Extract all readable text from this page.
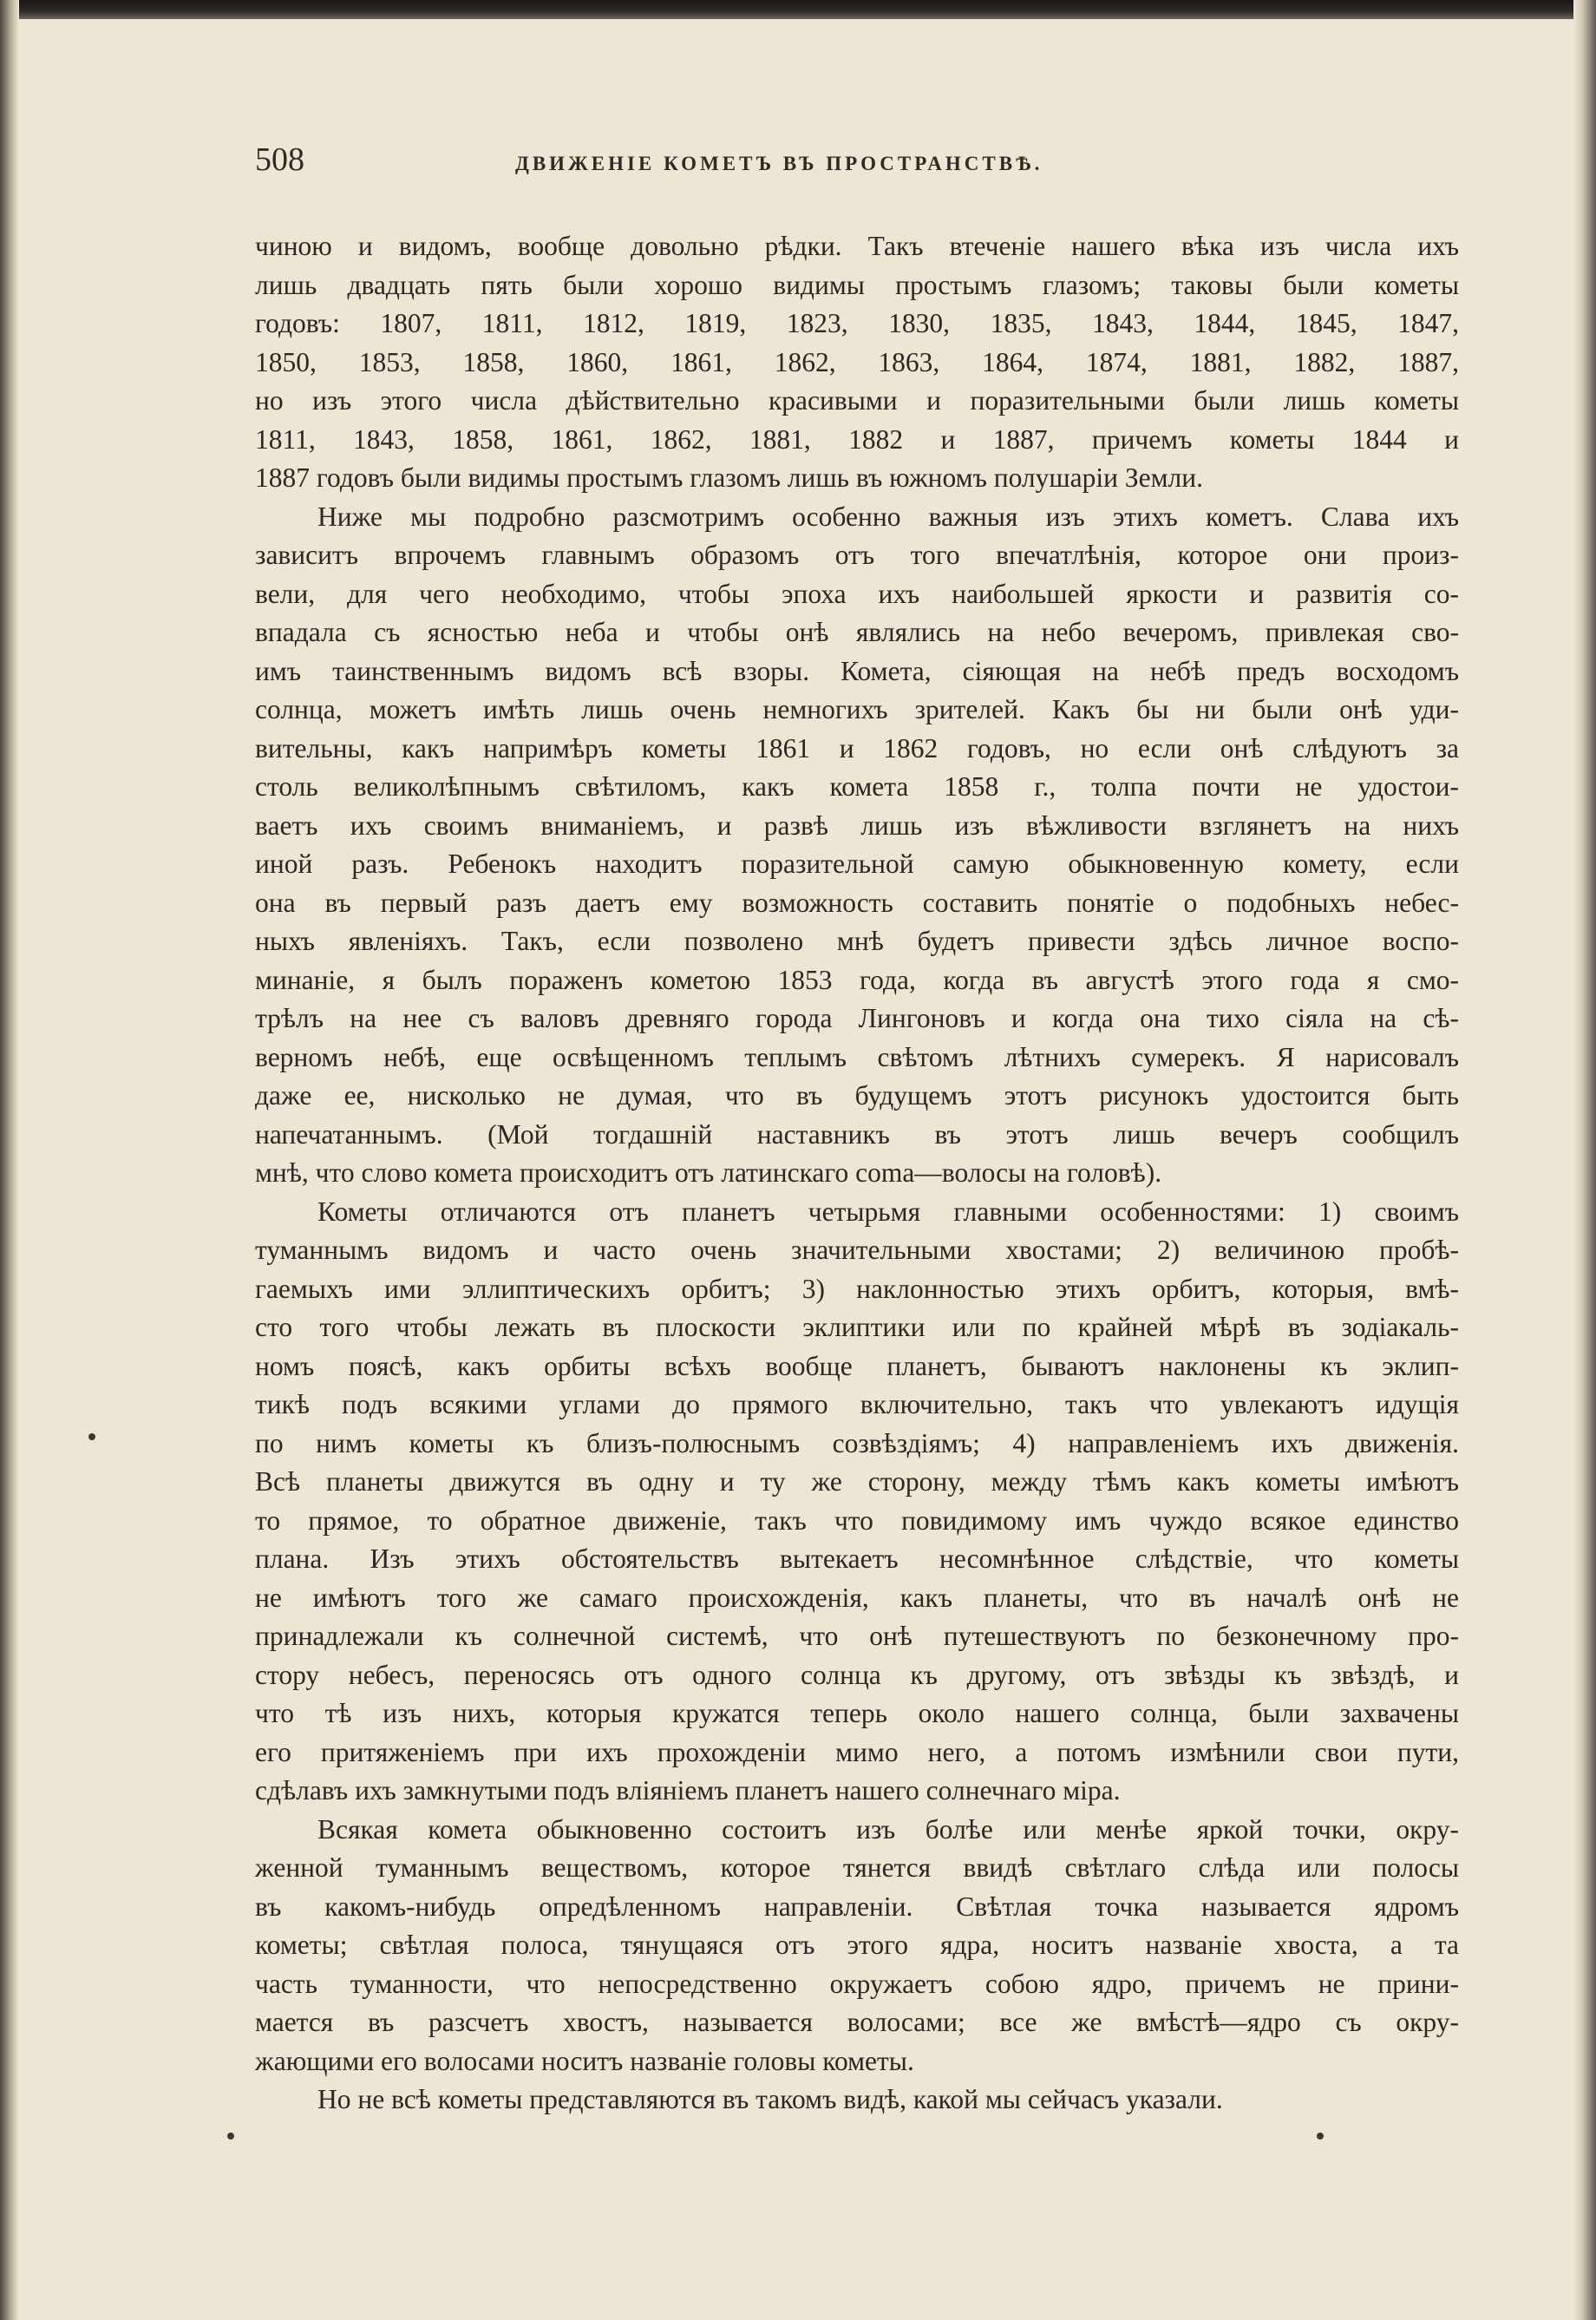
508	ДВИЖЕНІЕ КОМЕТЪ ВЪ ПРОСТРАНСТВѢ.

чиною и видомъ, вообще довольно рѣдки. Такъ втеченіе нашего вѣка изъ числа ихъ

лишь двадцать пять были хорошо видимы простымъ глазомъ; таковы были кометы

годовъ: 1807, 1811, 1812, 1819, 1823, 1830, 1835, 1843, 1844, 1845, 1847,

1850, 1853, 1858, 1860, 1861, 1862, 1863, 1864, 1874, 1881, 1882, 1887,

но изъ этого числа дѣйствительно красивыми и поразительными были лишь кометы

1811, 1843, 1858, 1861, 1862, 1881, 1882 и 1887, причемъ кометы 1844 и

1887 годовъ были видимы простымъ глазомъ лишь въ южномъ полушаріи Земли.

Ниже мы подробно разсмотримъ особенно важныя изъ этихъ кометъ. Слава ихъ

зависитъ впрочемъ главнымъ образомъ отъ того впечатлѣнія, которое они произ-

вели, для чего необходимо, чтобы эпоха ихъ наибольшей яркости и развитія со-

впадала съ ясностью неба и чтобы онѣ являлись на небо вечеромъ, привлекая сво-

имъ таинственнымъ видомъ всѣ взоры. Комета, сіяющая на небѣ предъ восходомъ

солнца, можетъ имѣть лишь очень немногихъ зрителей. Какъ бы ни были онѣ уди-

вительны, какъ напримѣръ кометы 1861 и 1862 годовъ, но если онѣ слѣдуютъ за

столь великолѣпнымъ свѣтиломъ, какъ комета 1858 г., толпа почти не удостои-

ваетъ ихъ своимъ вниманіемъ, и развѣ лишь изъ вѣжливости взглянетъ на нихъ

иной разъ. Ребенокъ находитъ поразительной самую обыкновенную комету, если

она въ первый разъ даетъ ему возможность составить понятіе о подобныхъ небес-

ныхъ явленіяхъ. Такъ, если позволено мнѣ будетъ привести здѣсь личное воспо-

минаніе, я былъ пораженъ кометою 1853 года, когда въ августѣ этого года я смо-

трѣлъ на нее съ валовъ древняго города Лингоновъ и когда она тихо сіяла на сѣ-

верномъ небѣ, еще освѣщенномъ теплымъ свѣтомъ лѣтнихъ сумерекъ. Я нарисовалъ

даже ее, нисколько не думая, что въ будущемъ этотъ рисунокъ удостоится быть

напечатаннымъ. (Мой тогдашній наставникъ въ этотъ лишь вечеръ сообщилъ

мнѣ, что слово комета происходитъ отъ латинскаго coma—волосы на головѣ).

Кометы отличаются отъ планетъ четырьмя главными особенностями: 1) своимъ

туманнымъ видомъ и часто очень значительными хвостами; 2) величиною пробѣ-

гаемыхъ ими эллиптическихъ орбитъ; 3) наклонностью этихъ орбитъ, которыя, вмѣ-

сто того чтобы лежать въ плоскости эклиптики или по крайней мѣрѣ въ зодіакаль-

номъ поясѣ, какъ орбиты всѣхъ вообще планетъ, бываютъ наклонены къ эклип-

тикѣ подъ всякими углами до прямого включительно, такъ что увлекаютъ идущія

по нимъ кометы къ близъ-полюснымъ созвѣздіямъ; 4) направленіемъ ихъ движенія.

Всѣ планеты движутся въ одну и ту же сторону, между тѣмъ какъ кометы имѣютъ

то прямое, то обратное движеніе, такъ что повидимому имъ чуждо всякое единство

плана. Изъ этихъ обстоятельствъ вытекаетъ несомнѣнное слѣдствіе, что кометы

не имѣютъ того же самаго происхожденія, какъ планеты, что въ началѣ онѣ не

принадлежали къ солнечной системѣ, что онѣ путешествуютъ по безконечному про-

стору небесъ, переносясь отъ одного солнца къ другому, отъ звѣзды къ звѣздѣ, и

что тѣ изъ нихъ, которыя кружатся теперь около нашего солнца, были захвачены

его притяженіемъ при ихъ прохожденіи мимо него, а потомъ измѣнили свои пути,

сдѣлавъ ихъ замкнутыми подъ вліяніемъ планетъ нашего солнечнаго міра.

Всякая комета обыкновенно состоитъ изъ болѣе или менѣе яркой точки, окру-

женной туманнымъ веществомъ, которое тянется ввидѣ свѣтлаго слѣда или полосы

въ какомъ-нибудь опредѣленномъ направленіи. Свѣтлая точка называется ядромъ

кометы; свѣтлая полоса, тянущаяся отъ этого ядра, носитъ названіе хвоста, а та

часть туманности, что непосредственно окружаетъ собою ядро, причемъ не прини-

мается въ разсчетъ хвостъ, называется волосами; все же вмѣстѣ—ядро съ окру-

жающими его волосами носитъ названіе головы кометы.

Но не всѣ кометы представляются въ такомъ видѣ, какой мы сейчасъ указали.
